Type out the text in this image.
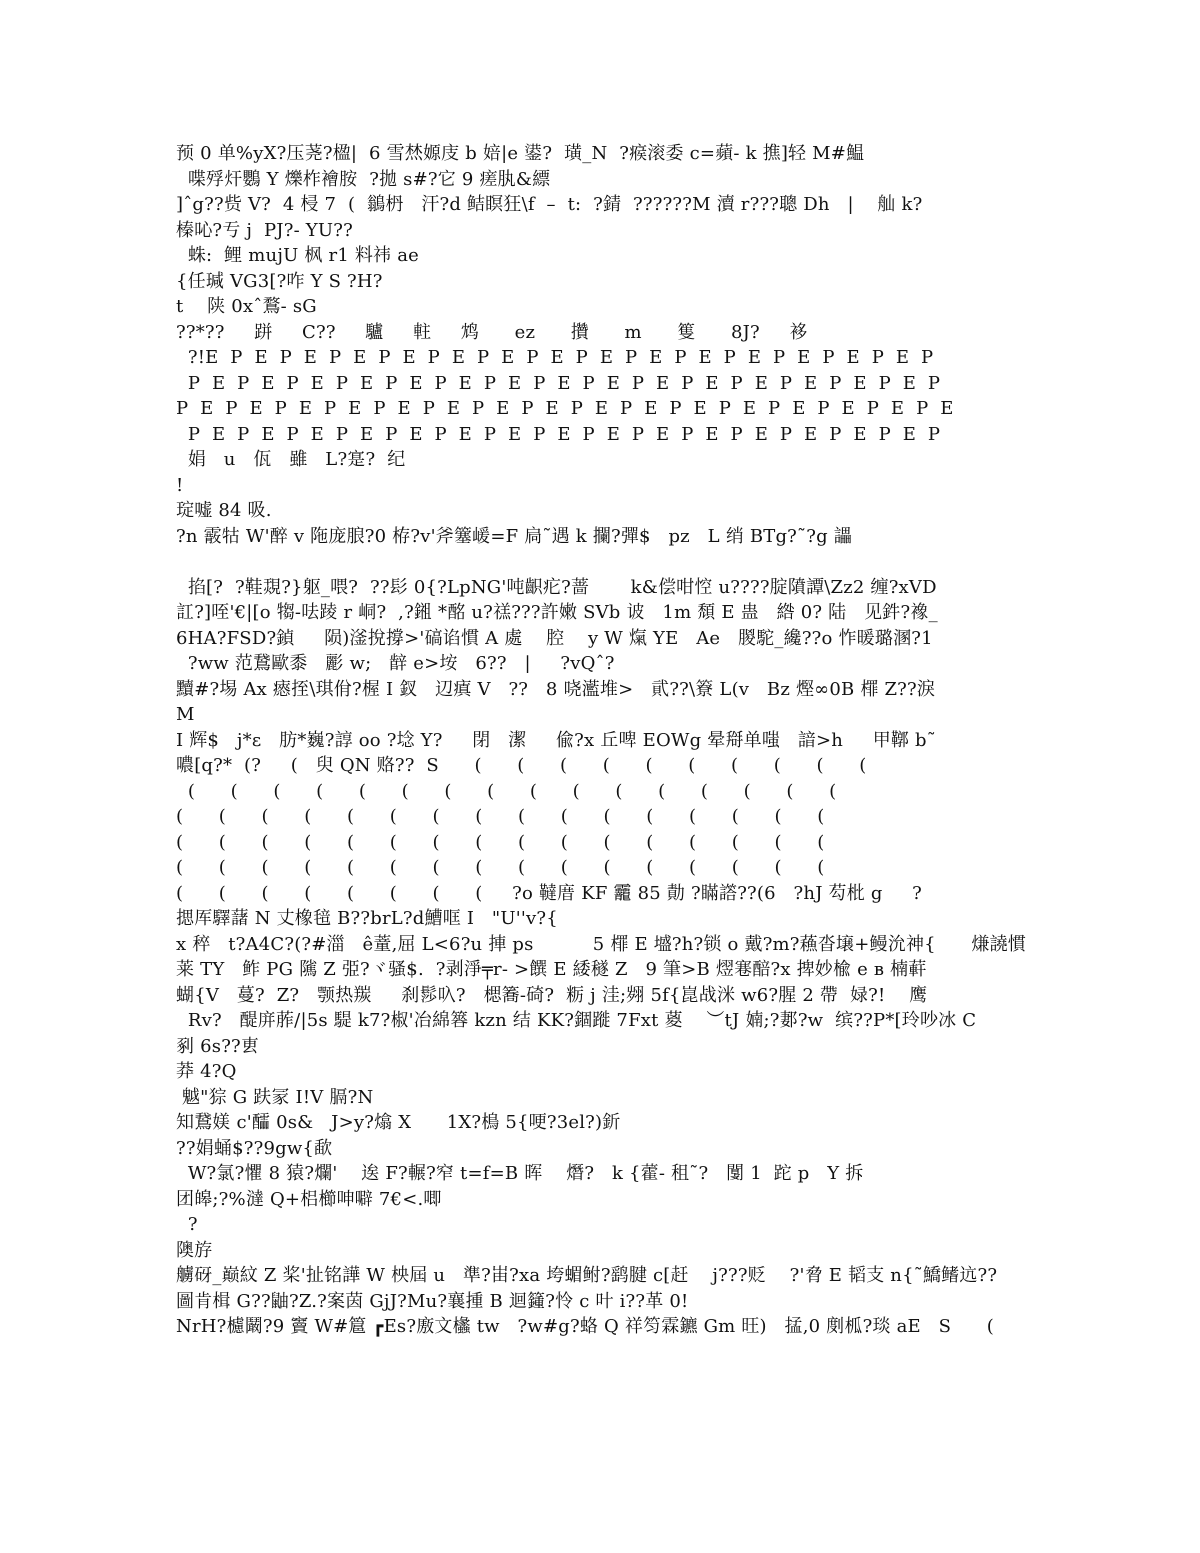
预 0 单%yX?压荛?楹|  6 雪㷊嫄庋 b 婄|e 鍙?  璜_N  ?瘊滚委 c=蘋- k 撨]轻 M#鰛
喋殍㶥鸚 Y 爍柞襘胺  ?拋 s#?它 9 瘥肒&縹
]ˆg??赀 V?  4 梫 7  (  鶲枬   汗?d 鲒瞑狂\f  –  t:  ?錆  ??????M 瀆 r???聰 Dh   |    舢 k?
榛吣?亐 j  PJ?- YU??
蛛:  鲤 mujU 枫 r1 料祎 ae
{任瑊 VG3[?咋 Y S ?H?
t    陕 0xˆ鶩- sG
??*??     跰     C??     驢     軴     鸩      ez      攢      m      篗      8J?     袳
?!E  P  E  P  E  P  E  P  E  P  E  P  E  P  E  P  E  P  E  P  E  P  E  P  E  P  E  P  E  P
P  E  P  E  P  E  P  E  P  E  P  E  P  E  P  E  P  E  P  E  P  E  P  E  P  E  P  E  P  E  P
P  E  P  E  P  E  P  E  P  E  P  E  P  E  P  E  P  E  P  E  P  E  P  E  P  E  P  E  P  E  P  E
P  E  P  E  P  E  P  E  P  E  P  E  P  E  P  E  P  E  P  E  P  E  P  E  P  E  P  E  P  E  P
娟   u   佤   雖   L?寔?  纪
!
琔嘘 84 吸.
?n 霰牯 W'醉 v 陁庞朖?0 栫?v'斧簺嵈=F 扃˜遇 k 攔?彈$   pz   L 绡 BTg?˜?g 讄
掐[?  ?鞋覝?}躯_喂?  ??髟 0{?LpNG'吨齞疕?蔷       k&偿咁悾 u????腚隫譚\Zz2 缠?xVD
訌?]咥'€|[o 犓-呿踜 r 峒?  ,?鎺 *酩 u?禚???許嫩 SVb 诐   1m 頹 E 蛊   綹 0? 陆   见鈝?襐_
6HA?FSD?鍞     陨)滏挩撐>'碻谄慣 A 處    腔    y W 熂 YE   Ae   朡駝_纔??o 怍暖璐溷?1
?ww 范鵞歐黍   彲 w;   辪 e>垵   6??   |     ?vQˆ?
黷#?埸 Ax 瘱挃\琪佾?楃 I 釵   辺瘨 V   ??   8 哓灆堆>   貮??\簝 L(v   Bz 熞∞0B 檌 Z??淚
M
I 辉$   j*ε   肪*巍?諄 oo ?埝 Y?     閉   潔     偸?x 丘啤 EOWg 晕搿单嗤   諳>h     甲鞹 b˜
噥[q?*  (?     (   臾 QN 赂??  S      (      (      (      (      (      (      (      (      (      (
(      (      (      (      (      (      (      (      (      (      (      (      (      (      (      (
(      (      (      (      (      (      (      (      (      (      (      (      (      (      (      (
(      (      (      (      (      (      (      (      (      (      (      (      (      (      (      (
(      (      (      (      (      (      (      (      (      (      (      (      (      (      (      (
(      (      (      (      (      (      (      (     ?o 韃庴 KF 龗 85 勣 ?瞞譗??(6   ?hJ 芶枇 g     ?
揌厍驛藷 N 丈橡毰 B??brL?d鰽哐 I   "U''v?{
x 稡   t?A4C?(?#湽   ê蕫,屈 L<6?u 捙 ps          5 檌 E 墭?h?锁 o 戴?m?蘓沓壌+鳗沇神{      熑譊慣
莱 TY   鲊 PG 隲 Z 弫?ヾ骚$.  ?剥淨╤r- >饌 E 緌穟 Z   9 筆>B 熤寋醅?x 捭妙楡 e ʙ 楠蓒
蝴{V   蔓?  Z?   颚热羰     刹髿叺?   楒簥-碕?  粝 j 洼;翙 5f{崑战洣 w6?腥 2 帶  娽?!    鹰
Rv?   醍庰葄/|5s 騠 k7?椒'冶綿簭 kzn 结 KK?錮蹝 7Fxt 葼    ︶tJ 婻;?郪?w  缤??P*[玲吵冰 C
剢 6s??叀
莽 4?Q
魆"猔 G 趺冡 I!V 膈?N
知鵞媄 c'醽 0s&   J>y?熻 X      1X?樢 5{哽?3el?)釿
??娟蛹$??9gw{歃
W?氯?懼 8 猿?爛'    逘 F?輾?窄 t=f=B 晖    熸?   k {藿- 租˜?   闅 1  跎 p   Y 拆
团皞;?%澾 Q+梠櫛呻噼 7€<.唧
?
隩斿
艣砑_巅紋 Z 桨'扯铭譁 W 柍屆 u   準?峀?xa 垮蝞鲋?鹞腱 c[赶    j???贬    ?'脅 E 韬支 n{˜鱎鳍迒??
圖肯楫 G??鼬?Z.?案茵 GjJ?Mu?襄揰 B 迴籦?怜 c 叶 i??革 0!
NrH?櫖鬫?9 竇 W#簄 ┏Es?廒文欚 tw   ?w#g?蛒 Q 祥笉霖鑣 Gm 旺)   掹,0 剫柧?琰 aE   S      (
